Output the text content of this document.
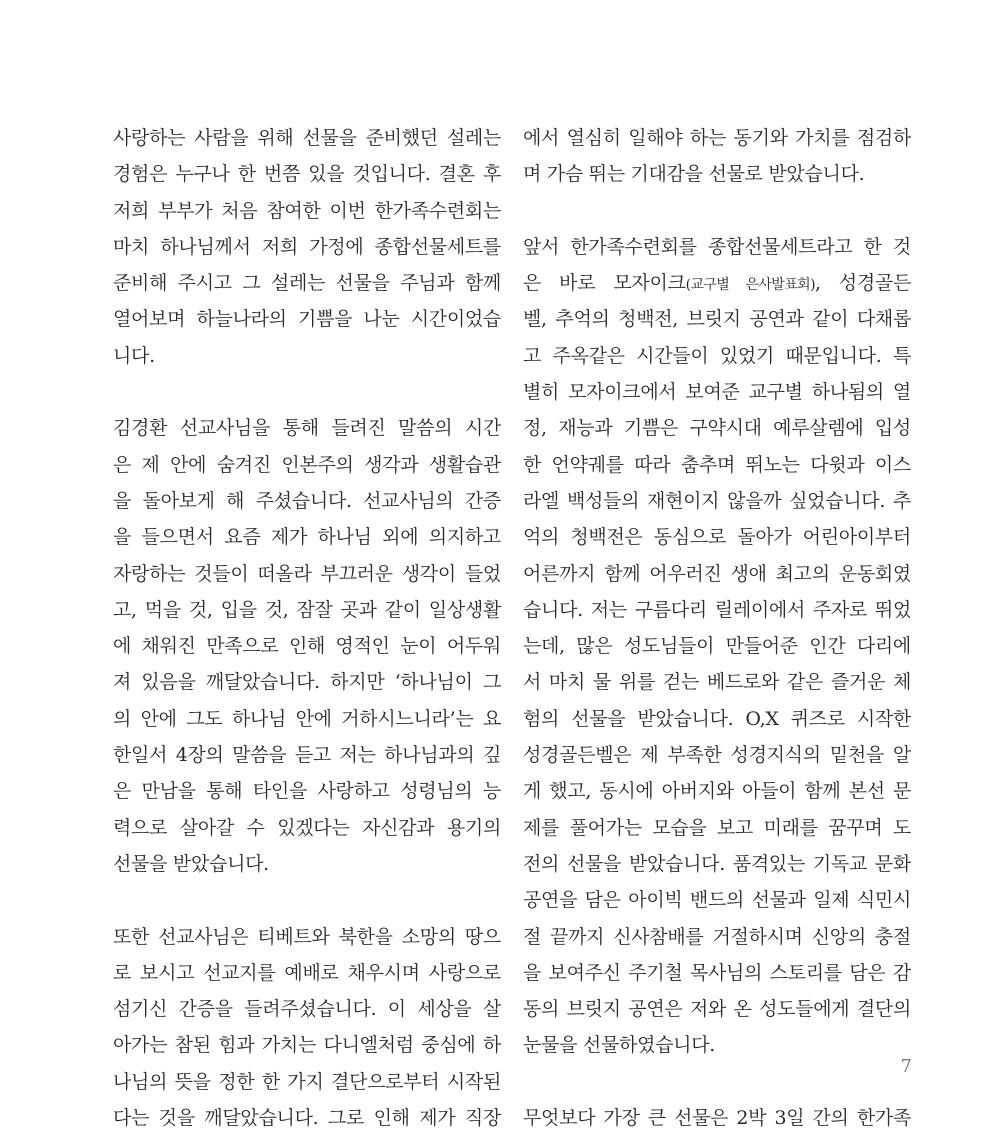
사랑하는 사람을 위해 선물을 준비했던 설레는
경험은 누구나 한 번쯤 있을 것입니다. 결혼 후
저희 부부가 처음 참여한 이번 한가족수련회는
마치 하나님께서 저희 가정에 종합선물세트를
준비해 주시고 그 설레는 선물을 주님과 함께
열어보며 하늘나라의 기쁨을 나눈 시간이었습
니다.
김경환 선교사님을 통해 들려진 말씀의 시간
은 제 안에 숨겨진 인본주의 생각과 생활습관
을 돌아보게 해 주셨습니다. 선교사님의 간증
을 들으면서 요즘 제가 하나님 외에 의지하고
자랑하는 것들이 떠올라 부끄러운 생각이 들었
고, 먹을 것, 입을 것, 잠잘 곳과 같이 일상생활
에 채워진 만족으로 인해 영적인 눈이 어두워
져 있음을 깨달았습니다. 하지만 ‘하나님이 그
의 안에 그도 하나님 안에 거하시느니라’는 요
한일서 4장의 말씀을 듣고 저는 하나님과의 깊
은 만남을 통해 타인을 사랑하고 성령님의 능
력으로 살아갈 수 있겠다는 자신감과 용기의
선물을 받았습니다.
또한 선교사님은 티베트와 북한을 소망의 땅으
로 보시고 선교지를 예배로 채우시며 사랑으로
섬기신 간증을 들려주셨습니다. 이 세상을 살
아가는 참된 힘과 가치는 다니엘처럼 중심에 하
나님의 뜻을 정한 한 가지 결단으로부터 시작된
다는 것을 깨달았습니다. 그로 인해 제가 직장
에서 열심히 일해야 하는 동기와 가치를 점검하
며 가슴 뛰는 기대감을 선물로 받았습니다.
앞서 한가족수련회를 종합선물세트라고 한 것
은 바로 모자이크(교구별 은사발표회), 성경골든
벨, 추억의 청백전, 브릿지 공연과 같이 다채롭
고 주옥같은 시간들이 있었기 때문입니다. 특
별히 모자이크에서 보여준 교구별 하나됨의 열
정, 재능과 기쁨은 구약시대 예루살렘에 입성
한 언약궤를 따라 춤추며 뛰노는 다윗과 이스
라엘 백성들의 재현이지 않을까 싶었습니다. 추
억의 청백전은 동심으로 돌아가 어린아이부터
어른까지 함께 어우러진 생애 최고의 운동회였
습니다. 저는 구름다리 릴레이에서 주자로 뛰었
는데, 많은 성도님들이 만들어준 인간 다리에
서 마치 물 위를 걷는 베드로와 같은 즐거운 체
험의 선물을 받았습니다. O,X 퀴즈로 시작한
성경골든벨은 제 부족한 성경지식의 밑천을 알
게 했고, 동시에 아버지와 아들이 함께 본선 문
제를 풀어가는 모습을 보고 미래를 꿈꾸며 도
전의 선물을 받았습니다. 품격있는 기독교 문화
공연을 담은 아이빅 밴드의 선물과 일제 식민시
절 끝까지 신사참배를 거절하시며 신앙의 충절
을 보여주신 주기철 목사님의 스토리를 담은 감
동의 브릿지 공연은 저와 온 성도들에게 결단의
눈물을 선물하였습니다.
무엇보다 가장 큰 선물은 2박 3일 간의 한가족
7
